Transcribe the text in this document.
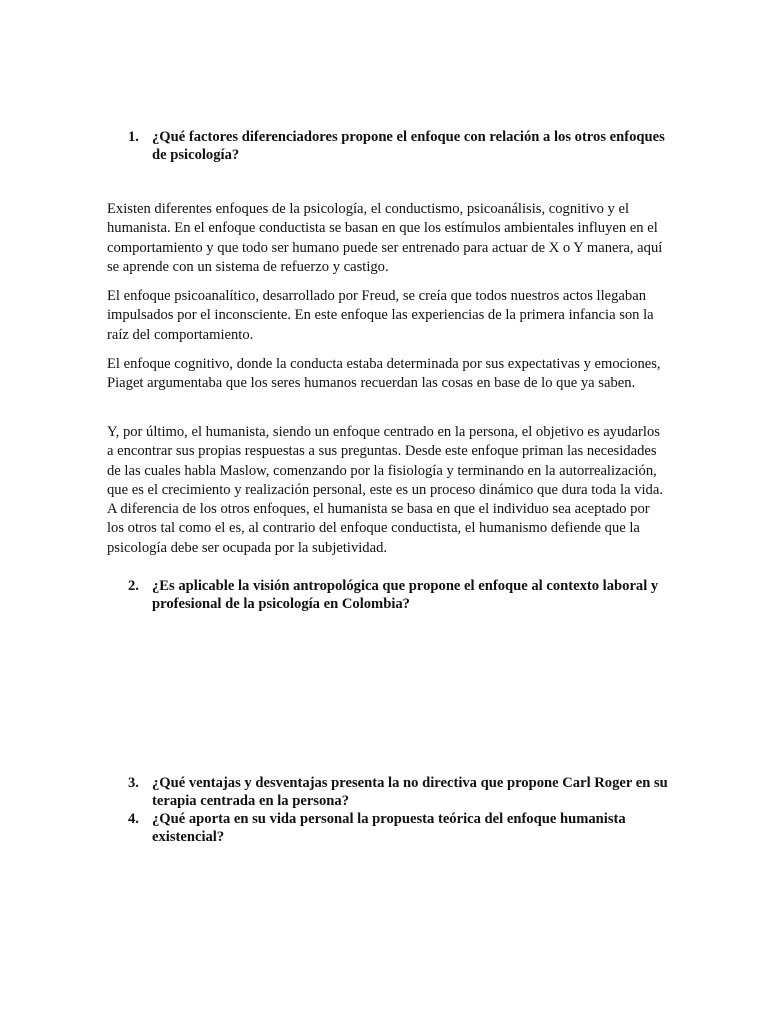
1. ¿Qué factores diferenciadores propone el enfoque con relación a los otros enfoques de psicología?
Existen diferentes enfoques de la psicología, el conductismo, psicoanálisis, cognitivo y el humanista. En el enfoque conductista se basan en que los estímulos ambientales influyen en el comportamiento y que todo ser humano puede ser entrenado para actuar de X o Y manera, aquí se aprende con un sistema de refuerzo y castigo.
El enfoque psicoanalítico, desarrollado por Freud, se creía que todos nuestros actos llegaban impulsados por el inconsciente. En este enfoque las experiencias de la primera infancia son la raíz del comportamiento.
El enfoque cognitivo, donde la conducta estaba determinada por sus expectativas y emociones, Piaget argumentaba que los seres humanos recuerdan las cosas en base de lo que ya saben.
Y, por último, el humanista, siendo un enfoque centrado en la persona, el objetivo es ayudarlos a encontrar sus propias respuestas a sus preguntas. Desde este enfoque priman las necesidades de las cuales habla Maslow, comenzando por la fisiología y terminando en la autorrealización, que es el crecimiento y realización personal, este es un proceso dinámico que dura toda la vida. A diferencia de los otros enfoques, el humanista se basa en que el individuo sea aceptado por los otros tal como el es, al contrario del enfoque conductista, el humanismo defiende que la psicología debe ser ocupada por la subjetividad.
2. ¿Es aplicable la visión antropológica que propone el enfoque al contexto laboral y profesional de la psicología en Colombia?
3. ¿Qué ventajas y desventajas presenta la no directiva que propone Carl Roger en su terapia centrada en la persona?
4. ¿Qué aporta en su vida personal la propuesta teórica del enfoque humanista existencial?
